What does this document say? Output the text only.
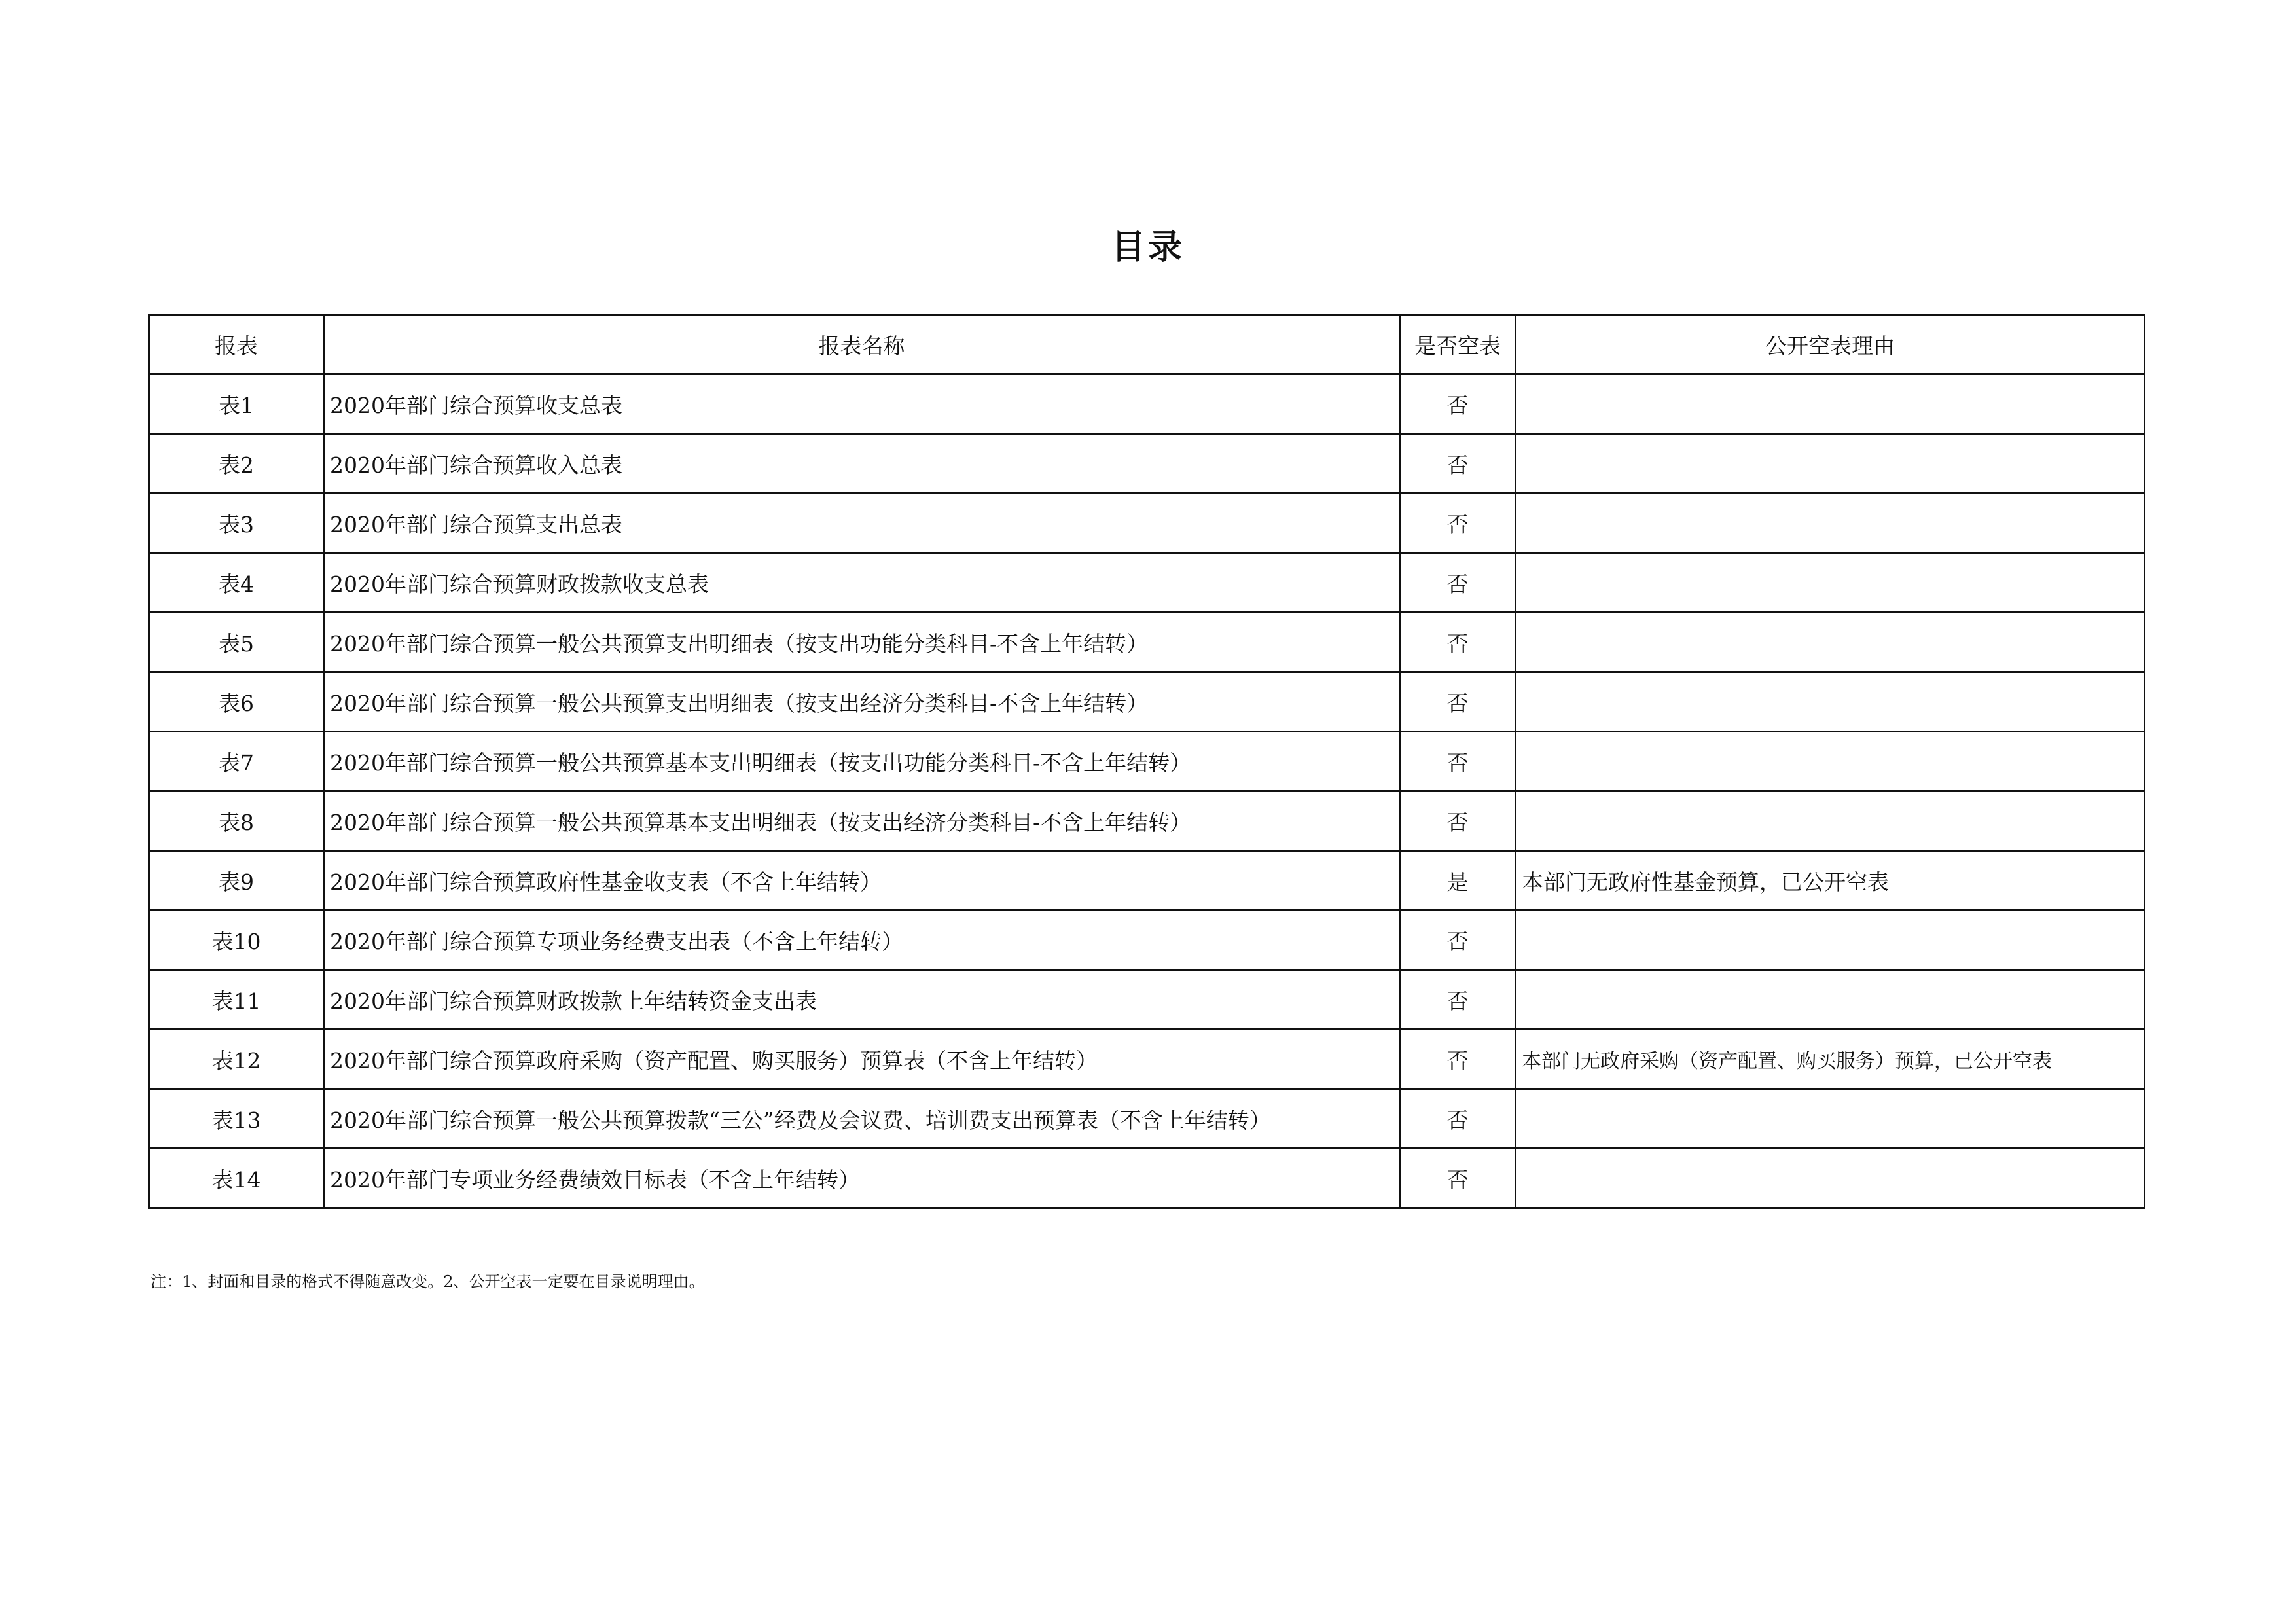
目录
报表	报表名称	是否空表	公开空表理由
表1	2020年部门综合预算收支总表	否	
表2	2020年部门综合预算收入总表	否	
表3	2020年部门综合预算支出总表	否	
表4	2020年部门综合预算财政拨款收支总表	否	
表5	2020年部门综合预算一般公共预算支出明细表（按支出功能分类科目-不含上年结转）	否	
表6	2020年部门综合预算一般公共预算支出明细表（按支出经济分类科目-不含上年结转）	否	
表7	2020年部门综合预算一般公共预算基本支出明细表（按支出功能分类科目-不含上年结转）	否	
表8	2020年部门综合预算一般公共预算基本支出明细表（按支出经济分类科目-不含上年结转）	否	
表9	2020年部门综合预算政府性基金收支表（不含上年结转）	是	本部门无政府性基金预算，已公开空表
表10	2020年部门综合预算专项业务经费支出表（不含上年结转）	否	
表11	2020年部门综合预算财政拨款上年结转资金支出表	否	
表12	2020年部门综合预算政府采购（资产配置、购买服务）预算表（不含上年结转）	否	本部门无政府采购（资产配置、购买服务）预算，已公开空表
表13	2020年部门综合预算一般公共预算拨款“三公”经费及会议费、培训费支出预算表（不含上年结转）	否	
表14	2020年部门专项业务经费绩效目标表（不含上年结转）	否	
注：1、封面和目录的格式不得随意改变。2、公开空表一定要在目录说明理由。
